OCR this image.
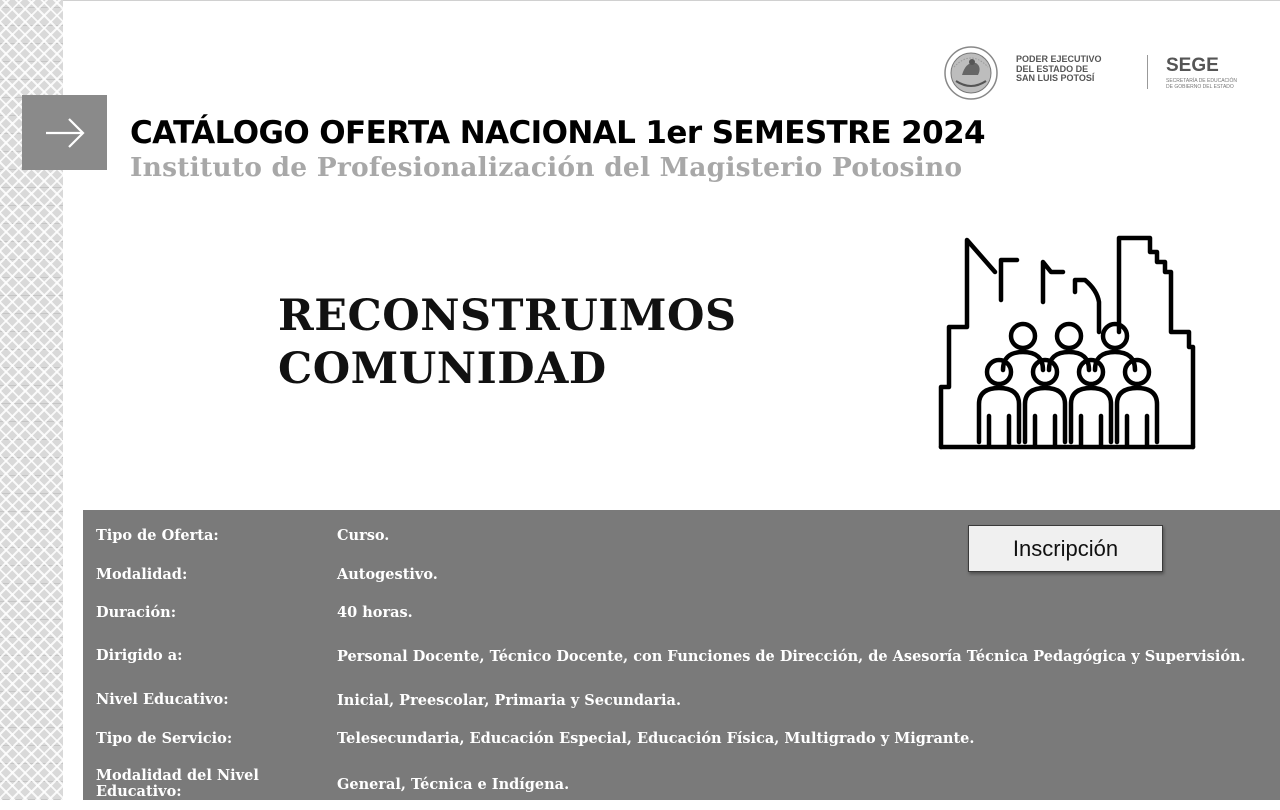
PODER EJECUTIVO
DEL ESTADO DE
SAN LUIS POTOSÍ
SEGE
SECRETARÍA DE EDUCACIÓN
DE GOBIERNO DEL ESTADO
CATÁLOGO OFERTA NACIONAL 1er SEMESTRE 2024
Instituto de Profesionalización del Magisterio Potosino
RECONSTRUIMOS
COMUNIDAD
Tipo de Oferta:	Curso.
Modalidad:	Autogestivo.
Duración:	40 horas.
Dirigido a:	Personal Docente, Técnico Docente, con Funciones de Dirección, de Asesoría Técnica Pedagógica y Supervisión.
Nivel Educativo:	Inicial, Preescolar, Primaria y Secundaria.
Tipo de Servicio:	Telesecundaria, Educación Especial, Educación Física, Multigrado y Migrante.
Modalidad del Nivel Educativo:	General, Técnica e Indígena.
Inscripción
